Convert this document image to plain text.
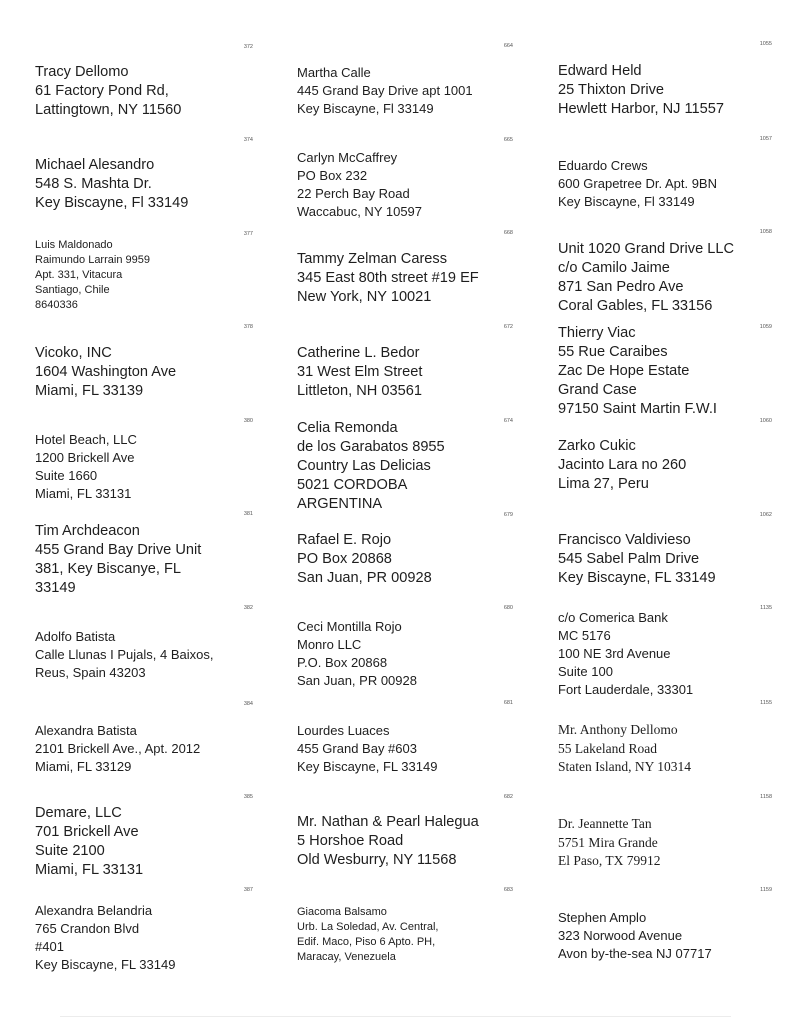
372
Tracy Dellomo
61 Factory Pond Rd,
Lattingtown, NY 11560
374
Michael Alesandro
548 S. Mashta Dr.
Key Biscayne, Fl 33149
377
Luis Maldonado
Raimundo Larrain 9959
Apt. 331, Vitacura
Santiago, Chile
8640336
378
Vicoko, INC
1604 Washington Ave
Miami, FL 33139
380
Hotel Beach, LLC
1200 Brickell Ave
Suite 1660
Miami, FL 33131
381
Tim Archdeacon
455 Grand Bay Drive Unit
381, Key Biscanye, FL
33149
382
Adolfo Batista
Calle Llunas I Pujals, 4 Baixos,
Reus, Spain 43203
384
Alexandra Batista
2101 Brickell Ave., Apt. 2012
Miami, FL 33129
385
Demare, LLC
701 Brickell Ave
Suite 2100
Miami, FL 33131
387
Alexandra Belandria
765 Crandon Blvd
#401
Key Biscayne, FL 33149
664
Martha Calle
445 Grand Bay Drive apt 1001
Key Biscayne, Fl 33149
665
Carlyn McCaffrey
PO Box 232
22 Perch Bay Road
Waccabuc, NY 10597
668
Tammy Zelman Caress
345 East 80th street #19 EF
New York, NY 10021
672
Catherine L. Bedor
31 West Elm Street
Littleton, NH 03561
674
Celia Remonda
de los Garabatos 8955
Country Las Delicias
5021 CORDOBA
ARGENTINA
679
Rafael E. Rojo
PO Box 20868
San Juan, PR 00928
680
Ceci Montilla Rojo
Monro LLC
P.O. Box 20868
San Juan, PR 00928
681
Lourdes Luaces
455 Grand Bay #603
Key Biscayne, FL 33149
682
Mr. Nathan & Pearl Halegua
5 Horshoe Road
Old Wesburry, NY 11568
683
Giacoma Balsamo
Urb. La Soledad, Av. Central,
Edif. Maco, Piso 6 Apto. PH,
Maracay, Venezuela
1055
Edward Held
25 Thixton Drive
Hewlett Harbor, NJ 11557
1057
Eduardo Crews
600 Grapetree Dr. Apt. 9BN
Key Biscayne, Fl 33149
1058
Unit 1020 Grand Drive LLC
c/o Camilo Jaime
871 San Pedro Ave
Coral Gables, FL 33156
1059
Thierry Viac
55 Rue Caraibes
Zac De Hope Estate
Grand Case
97150 Saint Martin F.W.I
1060
Zarko Cukic
Jacinto Lara no 260
Lima 27, Peru
1062
Francisco Valdivieso
545 Sabel Palm Drive
Key Biscayne, FL 33149
1135
c/o Comerica Bank
MC 5176
100 NE 3rd Avenue
Suite 100
Fort Lauderdale, 33301
1155
Mr. Anthony Dellomo
55 Lakeland Road
Staten Island, NY 10314
1158
Dr. Jeannette Tan
5751 Mira Grande
El Paso, TX 79912
1159
Stephen Amplo
323 Norwood Avenue
Avon by-the-sea NJ 07717
